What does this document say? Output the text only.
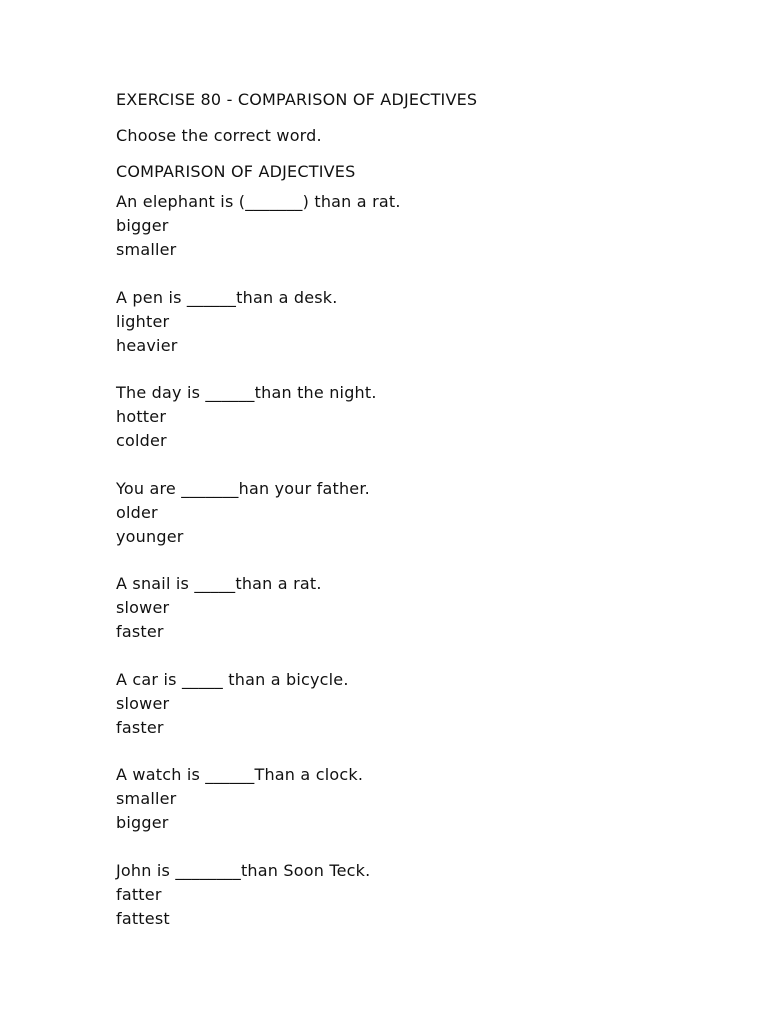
EXERCISE 80 - COMPARISON OF ADJECTIVES
Choose the correct word.
COMPARISON OF ADJECTIVES
An elephant is (_______) than a rat.
bigger
smaller
A pen is ______than a desk.
lighter
heavier
The day is ______than the night.
hotter
colder
You are _______han your father.
older
younger
A snail is _____than a rat.
slower
faster
A car is _____ than a bicycle.
slower
faster
A watch is ______Than a clock.
smaller
bigger
John is ________than Soon Teck.
fatter
fattest
